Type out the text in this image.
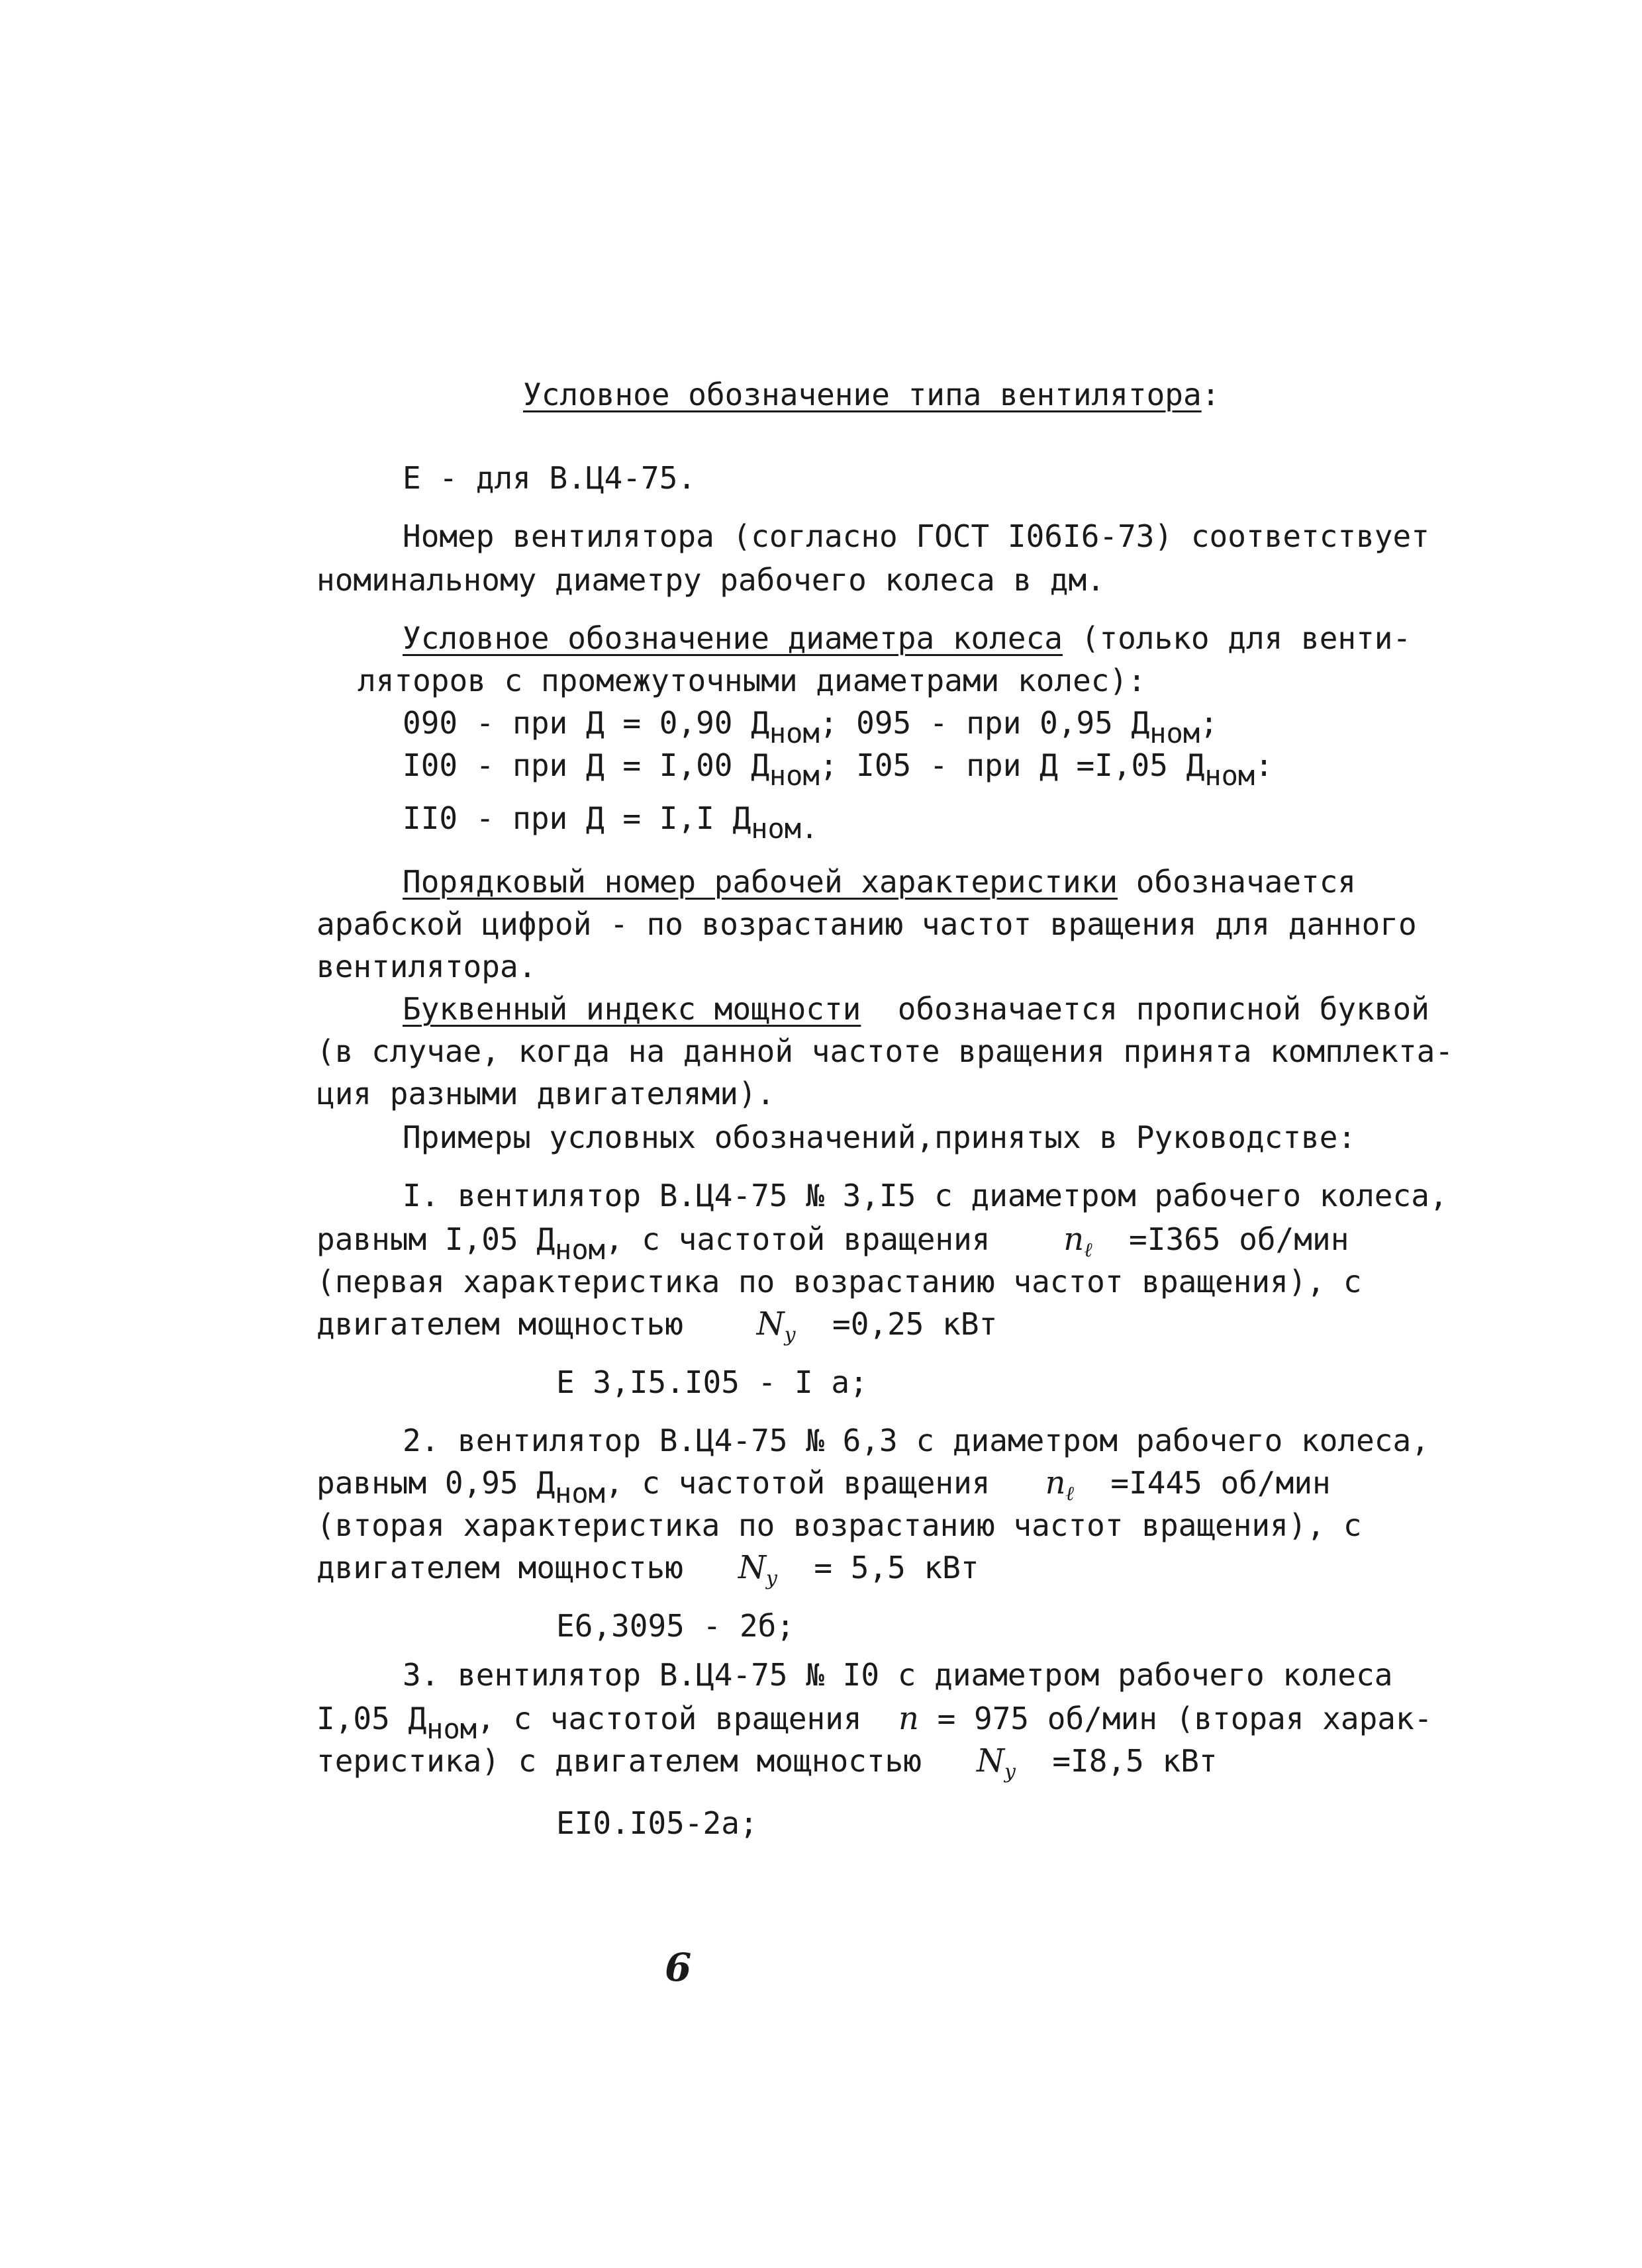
Условное обозначение типа вентилятора:
Е - для В.Ц4-75.
Номер вентилятора (согласно ГОСТ I06I6-73) соответствует
номинальному диаметру рабочего колеса в дм.
Условное обозначение диаметра колеса (только для венти-
ляторов с промежуточными диаметрами колес):
090 - при Д = 0,90 Дном; 095 - при 0,95 Дном;
I00 - при Д = I,00 Дном; I05 - при Д =I,05 Дном:
II0 - при Д = I,I Дном.
Порядковый номер рабочей характеристики обозначается
арабской цифрой - по возрастанию частот вращения для данного
вентилятора.
Буквенный индекс мощности  обозначается прописной буквой
(в случае, когда на данной частоте вращения принята комплекта-
ция разными двигателями).
Примеры условных обозначений,принятых в Руководстве:
I. вентилятор В.Ц4-75 № 3,I5 с диаметром рабочего колеса,
равным I,05 Дном, с частотой вращения    $n_\ell =I365$ об/мин
(первая характеристика по возрастанию частот вращения), с
двигателем мощностью    $N_y =0,25$ кВт
Е 3,I5.I05 - I а;
2. вентилятор В.Ц4-75 № 6,3 с диаметром рабочего колеса,
равным 0,95 Дном, с частотой вращения   $n_\ell =I445$ об/мин
(вторая характеристика по возрастанию частот вращения), с
двигателем мощностью   $N_y = 5,5$ кВт
Е6,3095 - 2б;
3. вентилятор В.Ц4-75 № I0 с диаметром рабочего колеса
I,05 Дном, с частотой вращения  n = 975 об/мин (вторая харак-
теристика) с двигателем мощностью   $N_y =I8,5$ кВт
ЕI0.I05-2а;
6
